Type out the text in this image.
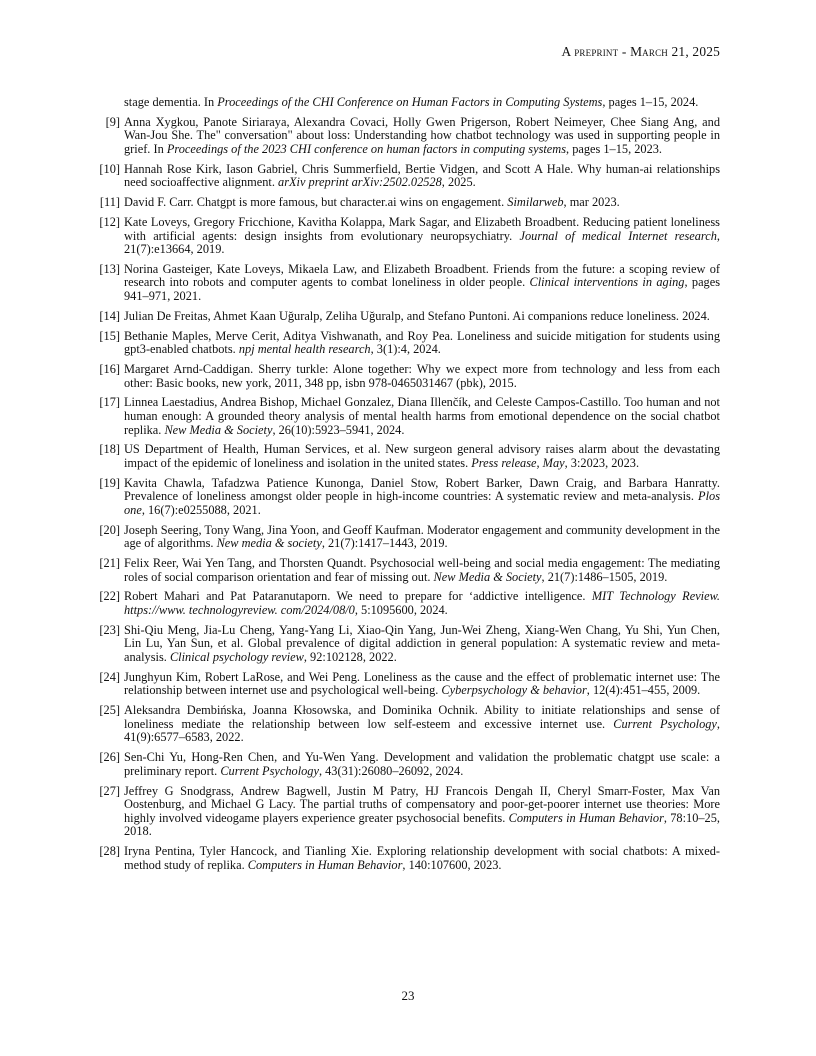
A preprint - March 21, 2025
stage dementia. In Proceedings of the CHI Conference on Human Factors in Computing Systems, pages 1–15, 2024.
[9] Anna Xygkou, Panote Siriaraya, Alexandra Covaci, Holly Gwen Prigerson, Robert Neimeyer, Chee Siang Ang, and Wan-Jou She. The" conversation" about loss: Understanding how chatbot technology was used in supporting people in grief. In Proceedings of the 2023 CHI conference on human factors in computing systems, pages 1–15, 2023.
[10] Hannah Rose Kirk, Iason Gabriel, Chris Summerfield, Bertie Vidgen, and Scott A Hale. Why human-ai relationships need socioaffective alignment. arXiv preprint arXiv:2502.02528, 2025.
[11] David F. Carr. Chatgpt is more famous, but character.ai wins on engagement. Similarweb, mar 2023.
[12] Kate Loveys, Gregory Fricchione, Kavitha Kolappa, Mark Sagar, and Elizabeth Broadbent. Reducing patient loneliness with artificial agents: design insights from evolutionary neuropsychiatry. Journal of medical Internet research, 21(7):e13664, 2019.
[13] Norina Gasteiger, Kate Loveys, Mikaela Law, and Elizabeth Broadbent. Friends from the future: a scoping review of research into robots and computer agents to combat loneliness in older people. Clinical interventions in aging, pages 941–971, 2021.
[14] Julian De Freitas, Ahmet Kaan Uğuralp, Zeliha Uğuralp, and Stefano Puntoni. Ai companions reduce loneliness. 2024.
[15] Bethanie Maples, Merve Cerit, Aditya Vishwanath, and Roy Pea. Loneliness and suicide mitigation for students using gpt3-enabled chatbots. npj mental health research, 3(1):4, 2024.
[16] Margaret Arnd-Caddigan. Sherry turkle: Alone together: Why we expect more from technology and less from each other: Basic books, new york, 2011, 348 pp, isbn 978-0465031467 (pbk), 2015.
[17] Linnea Laestadius, Andrea Bishop, Michael Gonzalez, Diana Illenčík, and Celeste Campos-Castillo. Too human and not human enough: A grounded theory analysis of mental health harms from emotional dependence on the social chatbot replika. New Media & Society, 26(10):5923–5941, 2024.
[18] US Department of Health, Human Services, et al. New surgeon general advisory raises alarm about the devastating impact of the epidemic of loneliness and isolation in the united states. Press release, May, 3:2023, 2023.
[19] Kavita Chawla, Tafadzwa Patience Kunonga, Daniel Stow, Robert Barker, Dawn Craig, and Barbara Hanratty. Prevalence of loneliness amongst older people in high-income countries: A systematic review and meta-analysis. Plos one, 16(7):e0255088, 2021.
[20] Joseph Seering, Tony Wang, Jina Yoon, and Geoff Kaufman. Moderator engagement and community development in the age of algorithms. New media & society, 21(7):1417–1443, 2019.
[21] Felix Reer, Wai Yen Tang, and Thorsten Quandt. Psychosocial well-being and social media engagement: The mediating roles of social comparison orientation and fear of missing out. New Media & Society, 21(7):1486–1505, 2019.
[22] Robert Mahari and Pat Pataranutaporn. We need to prepare for ‘addictive intelligence. MIT Technology Review. https://www. technologyreview. com/2024/08/0, 5:1095600, 2024.
[23] Shi-Qiu Meng, Jia-Lu Cheng, Yang-Yang Li, Xiao-Qin Yang, Jun-Wei Zheng, Xiang-Wen Chang, Yu Shi, Yun Chen, Lin Lu, Yan Sun, et al. Global prevalence of digital addiction in general population: A systematic review and meta-analysis. Clinical psychology review, 92:102128, 2022.
[24] Junghyun Kim, Robert LaRose, and Wei Peng. Loneliness as the cause and the effect of problematic internet use: The relationship between internet use and psychological well-being. Cyberpsychology & behavior, 12(4):451–455, 2009.
[25] Aleksandra Dembińska, Joanna Kłosowska, and Dominika Ochnik. Ability to initiate relationships and sense of loneliness mediate the relationship between low self-esteem and excessive internet use. Current Psychology, 41(9):6577–6583, 2022.
[26] Sen-Chi Yu, Hong-Ren Chen, and Yu-Wen Yang. Development and validation the problematic chatgpt use scale: a preliminary report. Current Psychology, 43(31):26080–26092, 2024.
[27] Jeffrey G Snodgrass, Andrew Bagwell, Justin M Patry, HJ Francois Dengah II, Cheryl Smarr-Foster, Max Van Oostenburg, and Michael G Lacy. The partial truths of compensatory and poor-get-poorer internet use theories: More highly involved videogame players experience greater psychosocial benefits. Computers in Human Behavior, 78:10–25, 2018.
[28] Iryna Pentina, Tyler Hancock, and Tianling Xie. Exploring relationship development with social chatbots: A mixed-method study of replika. Computers in Human Behavior, 140:107600, 2023.
23
